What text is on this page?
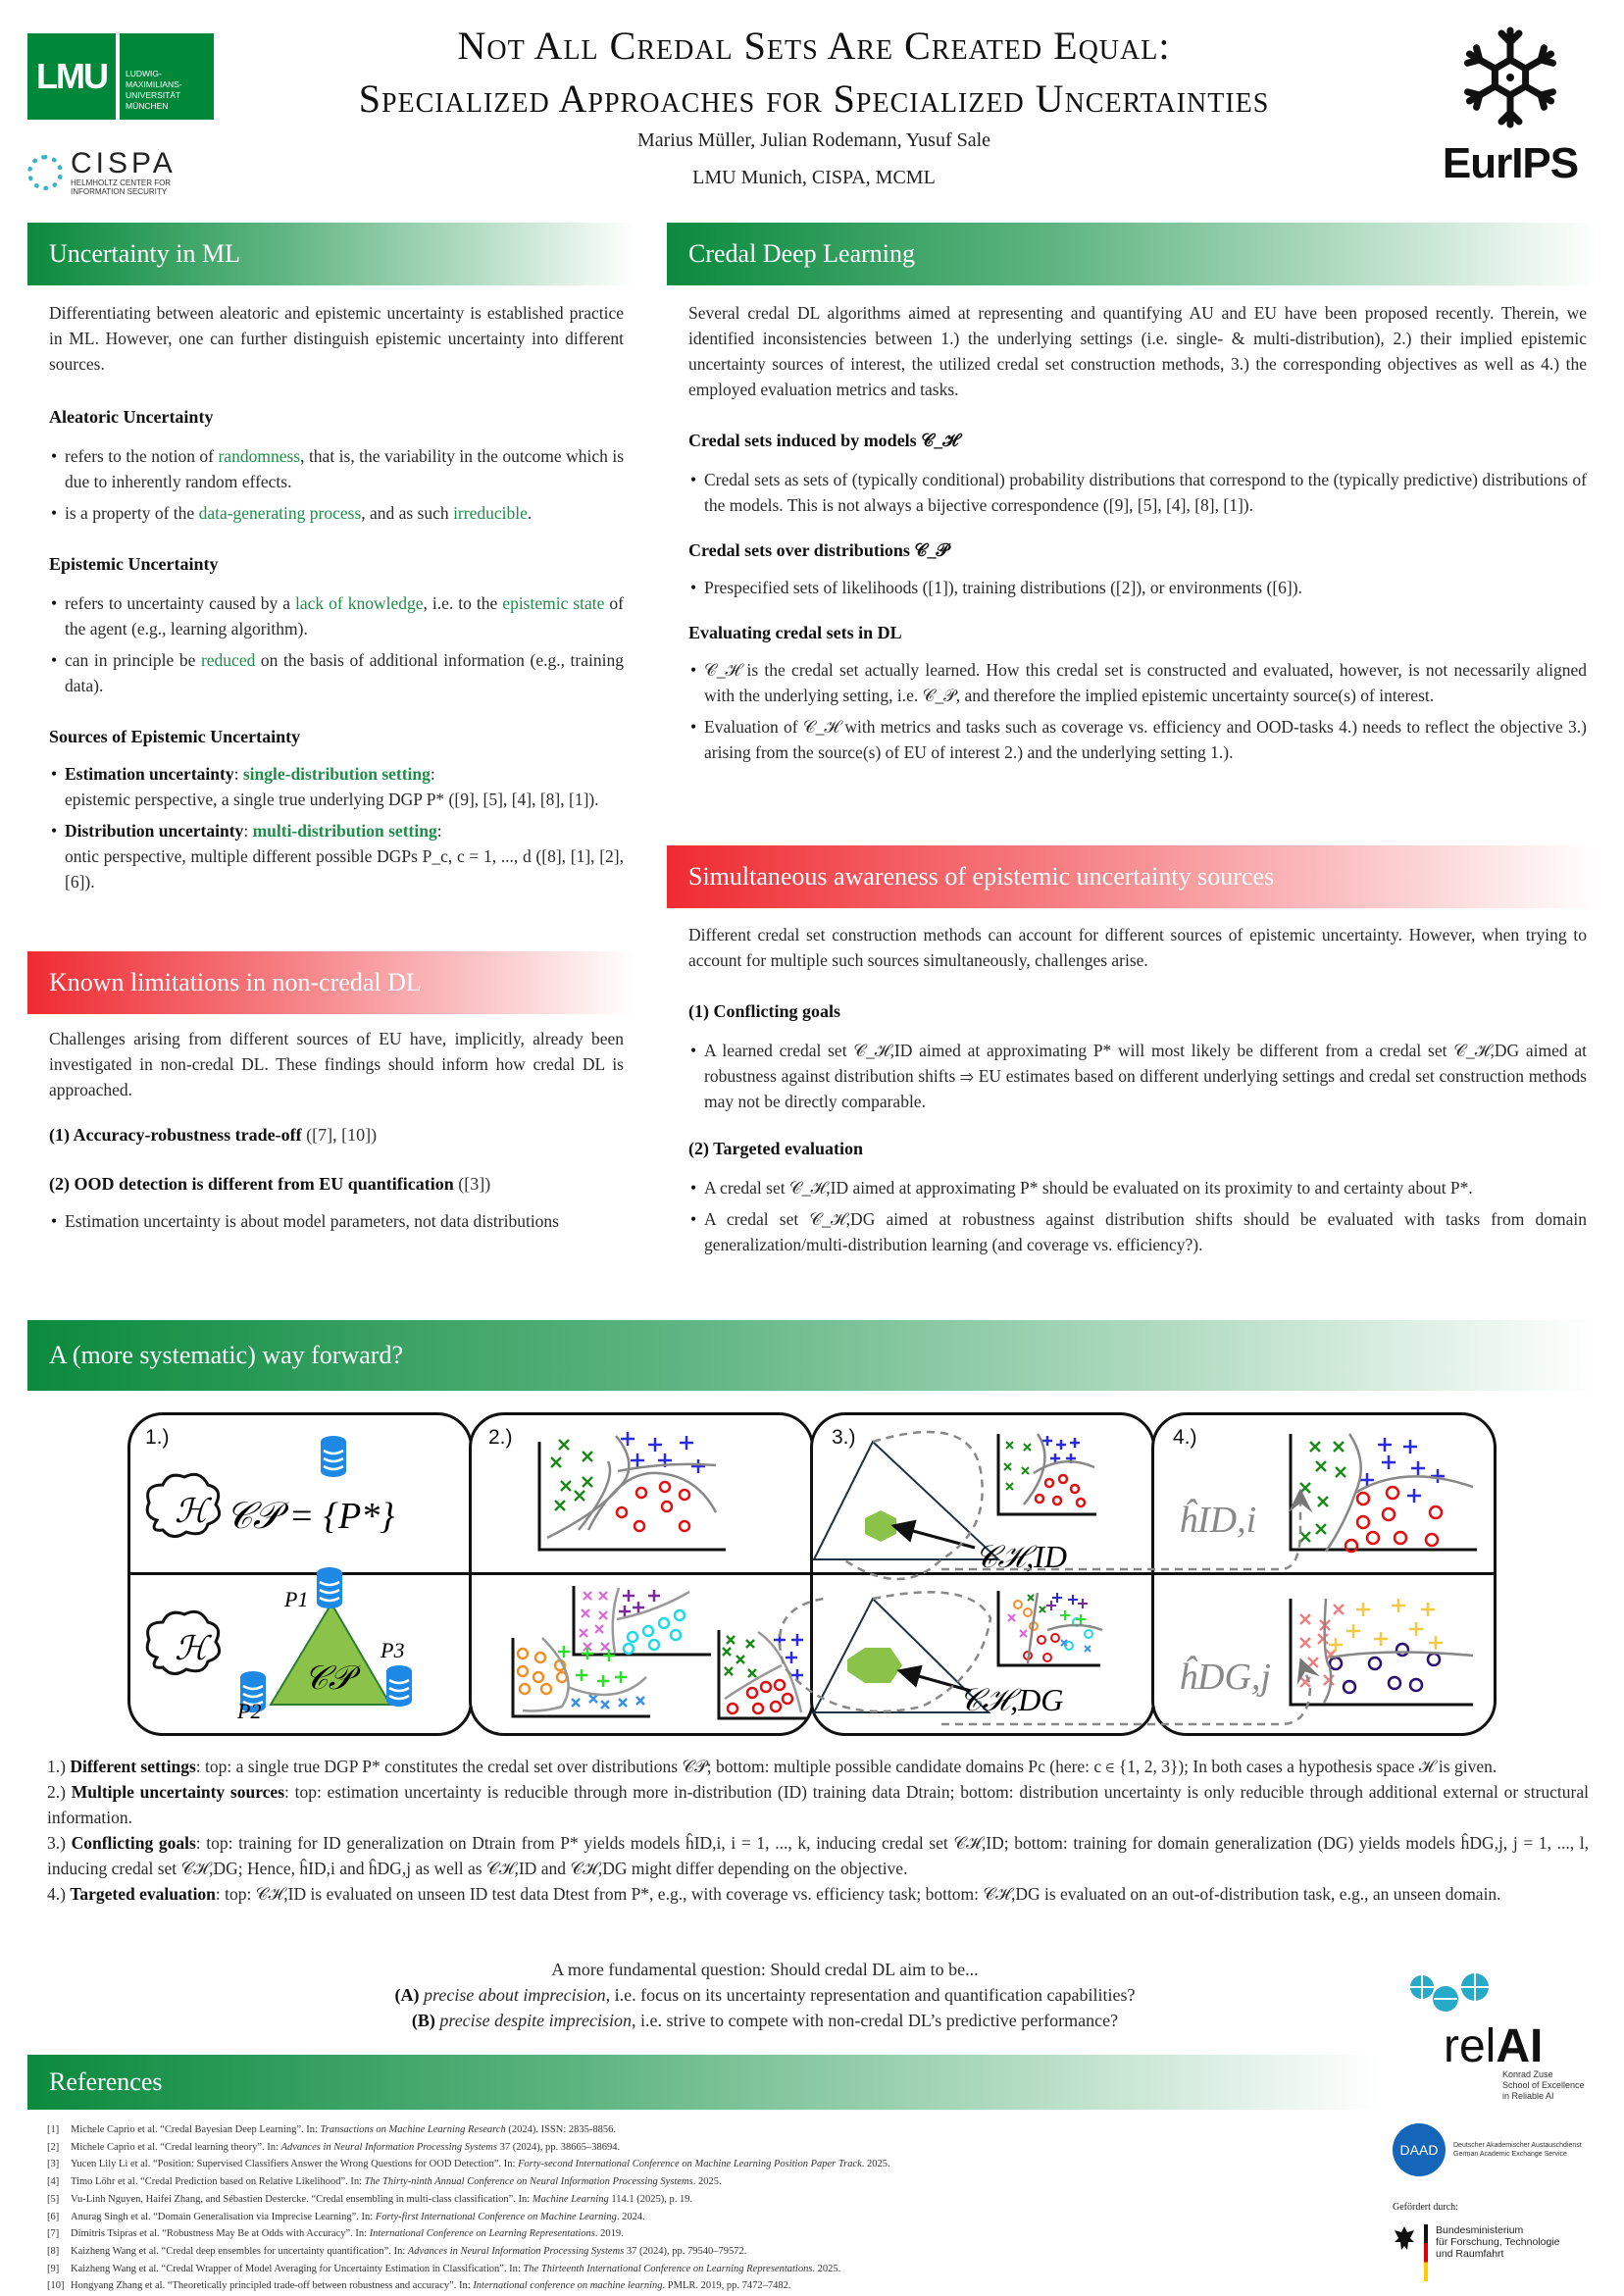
LMU	LUDWIG-
MAXIMILIANS-
UNIVERSITÄT
MÜNCHEN
CISPA
HELMHOLTZ CENTER FOR
INFORMATION SECURITY
Not All Credal Sets Are Created Equal:
Specialized Approaches for Specialized Uncertainties
Marius Müller, Julian Rodemann, Yusuf Sale
LMU Munich, CISPA, MCML	EurIPS
Uncertainty in ML

Differentiating between aleatoric and epistemic uncertainty is established practice in ML. However, one can further distinguish epistemic uncertainty into different sources.

Aleatoric Uncertainty
• refers to the notion of randomness, that is, the variability in the outcome which is due to inherently random effects.
• is a property of the data-generating process, and as such irreducible.
Epistemic Uncertainty
• refers to uncertainty caused by a lack of knowledge, i.e. to the epistemic state of the agent (e.g., learning algorithm).
• can in principle be reduced on the basis of additional information (e.g., training data).
Sources of Epistemic Uncertainty
• Estimation uncertainty: single-distribution setting:
epistemic perspective, a single true underlying DGP P* ([9], [5], [4], [8], [1]).
• Distribution uncertainty: multi-distribution setting:
ontic perspective, multiple different possible DGPs P_c, c = 1, ..., d ([8], [1], [2], [6]).
Known limitations in non-credal DL

Challenges arising from different sources of EU have, implicitly, already been investigated in non-credal DL. These findings should inform how credal DL is approached.

(1) Accuracy-robustness trade-off ([7], [10])
(2) OOD detection is different from EU quantification ([3])
• Estimation uncertainty is about model parameters, not data distributions
Credal Deep Learning

Several credal DL algorithms aimed at representing and quantifying AU and EU have been proposed recently. Therein, we identified inconsistencies between 1.) the underlying settings (i.e. single- & multi-distribution), 2.) their implied epistemic uncertainty sources of interest, the utilized credal set construction methods, 3.) the corresponding objectives as well as 4.) the employed evaluation metrics and tasks.

Credal sets induced by models 𝒞_ℋ
• Credal sets as sets of (typically conditional) probability distributions that correspond to the (typically predictive) distributions of the models. This is not always a bijective correspondence ([9], [5], [4], [8], [1]).
Credal sets over distributions 𝒞_𝒫
• Prespecified sets of likelihoods ([1]), training distributions ([2]), or environments ([6]).
Evaluating credal sets in DL
• 𝒞_ℋ is the credal set actually learned. How this credal set is constructed and evaluated, however, is not necessarily aligned with the underlying setting, i.e. 𝒞_𝒫, and therefore the implied epistemic uncertainty source(s) of interest.
• Evaluation of 𝒞_ℋ with metrics and tasks such as coverage vs. efficiency and OOD-tasks 4.) needs to reflect the objective 3.) arising from the source(s) of EU of interest 2.) and the underlying setting 1.).
Simultaneous awareness of epistemic uncertainty sources

Different credal set construction methods can account for different sources of epistemic uncertainty. However, when trying to account for multiple such sources simultaneously, challenges arise.

(1) Conflicting goals
• A learned credal set 𝒞_ℋ,ID aimed at approximating P* will most likely be different from a credal set 𝒞_ℋ,DG aimed at robustness against distribution shifts ⇒ EU estimates based on different underlying settings and credal set construction methods may not be directly comparable.
(2) Targeted evaluation
• A credal set 𝒞_ℋ,ID aimed at approximating P* should be evaluated on its proximity to and certainty about P*.
• A credal set 𝒞_ℋ,DG aimed at robustness against distribution shifts should be evaluated with tasks from domain generalization/multi-distribution learning (and coverage vs. efficiency?).
A (more systematic) way forward?
1.)	2.)	3.)	4.)
ℋ 𝒞𝒫 = {P*}
ℋ
𝒞𝒫
P1
P2
P3
𝒞ℋ,ID
𝒞ℋ,DG
ĥID,i
ĥDG,j

1.) Different settings: top: a single true DGP P* constitutes the credal set over distributions 𝒞𝒫; bottom: multiple possible candidate domains Pc (here: c ∈ {1, 2, 3}); In both cases a hypothesis space ℋ is given.

2.) Multiple uncertainty sources: top: estimation uncertainty is reducible through more in-distribution (ID) training data Dtrain; bottom: distribution uncertainty is only reducible through additional external or structural information.

3.) Conflicting goals: top: training for ID generalization on Dtrain from P* yields models ĥID,i, i = 1, ..., k, inducing credal set 𝒞ℋ,ID; bottom: training for domain generalization (DG) yields models ĥDG,j, j = 1, ..., l, inducing credal set 𝒞ℋ,DG; Hence, ĥID,i and ĥDG,j as well as 𝒞ℋ,ID and 𝒞ℋ,DG might differ depending on the objective.

4.) Targeted evaluation: top: 𝒞ℋ,ID is evaluated on unseen ID test data Dtest from P*, e.g., with coverage vs. efficiency task; bottom: 𝒞ℋ,DG is evaluated on an out-of-distribution task, e.g., an unseen domain.

A more fundamental question: Should credal DL aim to be...
(A) precise about imprecision, i.e. focus on its uncertainty representation and quantification capabilities?
(B) precise despite imprecision, i.e. strive to compete with non-credal DL’s predictive performance?
References
[1] Michele Caprio et al. “Credal Bayesian Deep Learning”. In: Transactions on Machine Learning Research (2024). ISSN: 2835-8856.
[2] Michele Caprio et al. “Credal learning theory”. In: Advances in Neural Information Processing Systems 37 (2024), pp. 38665–38694.
[3] Yucen Lily Li et al. “Position: Supervised Classifiers Answer the Wrong Questions for OOD Detection”. In: Forty-second International Conference on Machine Learning Position Paper Track. 2025.
[4] Timo Löhr et al. “Credal Prediction based on Relative Likelihood”. In: The Thirty-ninth Annual Conference on Neural Information Processing Systems. 2025.
[5] Vu-Linh Nguyen, Haifei Zhang, and Sébastien Destercke. “Credal ensembling in multi-class classification”. In: Machine Learning 114.1 (2025), p. 19.
[6] Anurag Singh et al. “Domain Generalisation via Imprecise Learning”. In: Forty-first International Conference on Machine Learning. 2024.
[7] Dimitris Tsipras et al. “Robustness May Be at Odds with Accuracy”. In: International Conference on Learning Representations. 2019.
[8] Kaizheng Wang et al. “Credal deep ensembles for uncertainty quantification”. In: Advances in Neural Information Processing Systems 37 (2024), pp. 79540–79572.
[9] Kaizheng Wang et al. “Credal Wrapper of Model Averaging for Uncertainty Estimation in Classification”. In: The Thirteenth International Conference on Learning Representations. 2025.
[10] Hongyang Zhang et al. “Theoretically principled trade-off between robustness and accuracy”. In: International conference on machine learning. PMLR. 2019, pp. 7472–7482.
relAI
Konrad Zuse
School of Excellence
in Reliable AI
DAAD	Deutscher Akademischer Austauschdienst
German Academic Exchange Service
Gefördert durch:
Bundesministerium
für Forschung, Technologie
und Raumfahrt
